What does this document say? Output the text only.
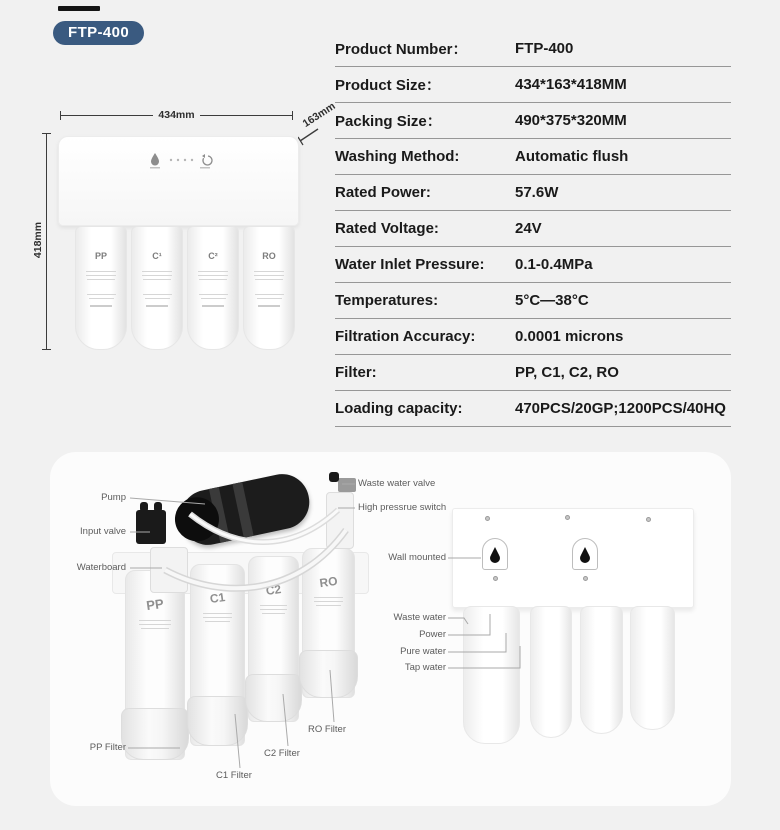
FTP-400
434mm
418mm
163mm
PP	C¹	C²	RO
Product Number：	FTP-400
Product Size：	434*163*418MM
Packing Size：	490*375*320MM
Washing Method:	Automatic flush
Rated Power:	57.6W
Rated Voltage:	24V
Water Inlet Pressure:	0.1-0.4MPa
Temperatures:	5°C—38°C
Filtration Accuracy:	0.0001 microns
Filter:	PP, C1, C2, RO
Loading capacity:	470PCS/20GP;1200PCS/40HQ
PP	C1
C2	RO
Pump
Input valve
Waterboard
Waste water valve
High pressrue switch
PP Filter
C1 Filter
C2 Filter
RO Filter
Wall mounted
Waste water
Power
Pure water
Tap water
